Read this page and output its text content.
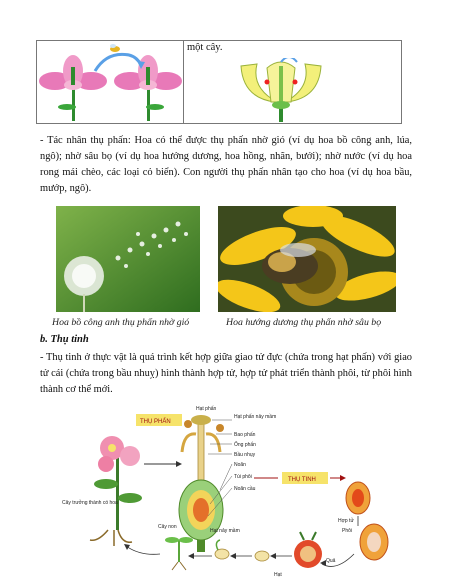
một cây.
- Tác nhân thụ phấn: Hoa có thể được thụ phấn nhờ gió (ví dụ hoa bồ công anh, lúa, ngô); nhờ sâu bọ (ví dụ hoa hướng dương, hoa hồng, nhãn, bưởi); nhờ nước (ví dụ hoa rong mái chèo, các loại cỏ biển). Con người thụ phấn nhân tạo cho hoa (ví dụ hoa bầu, mướp, ngô).
Hoa bồ công anh thụ phấn nhờ gió	Hoa hướng dương thụ phấn nhờ sâu bọ
b. Thụ tinh
- Thụ tinh ở thực vật là quá trình kết hợp giữa giao tử đực (chứa trong hạt phấn) với giao tử cái (chứa trong bầu nhuỵ) hình thành hợp tử, hợp tử phát triển thành phôi, từ phôi hình thành cơ thể mới.
THỤ PHẤN
Cây trưởng thành có hoa
Hạt phấn
Hạt phấn nảy mầm
Bao phấn
Ống phấn
Bầu nhụy
Noãn
Túi phôi
Noãn cầu
THỤ TINH
Hợp tử
Phôi
Quả
Hạt
Hạt nảy mầm
Cây non
